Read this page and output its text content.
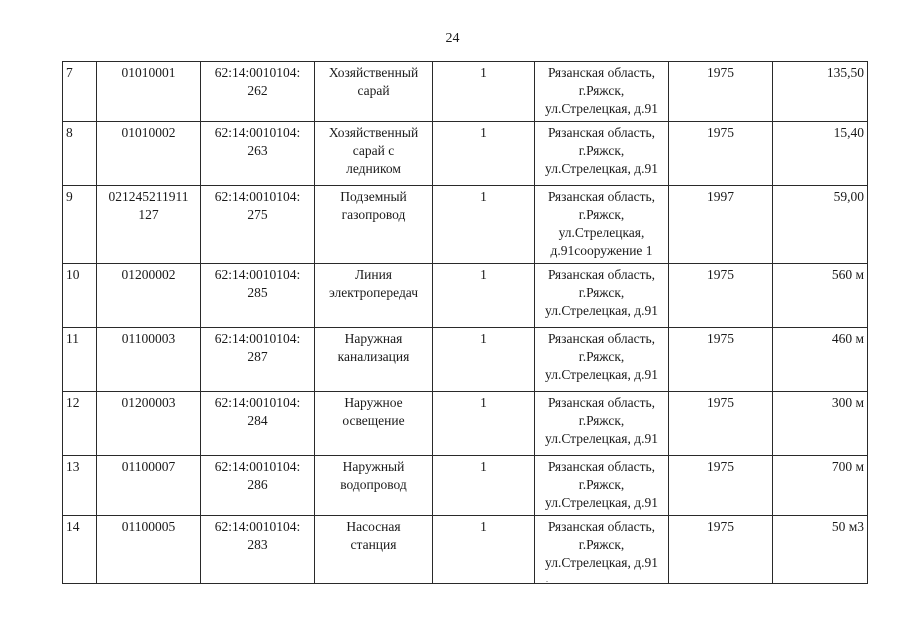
24
7	01010001	62:14:0010104:
262	Хозяйственный
сарай	1	Рязанская область,
г.Ряжск,
ул.Стрелецкая, д.91	1975	135,50
8	01010002	62:14:0010104:
263	Хозяйственный
сарай с
ледником	1	Рязанская область,
г.Ряжск,
ул.Стрелецкая, д.91	1975	15,40
9	021245211911
127	62:14:0010104:
275	Подземный
газопровод	1	Рязанская область,
г.Ряжск,
ул.Стрелецкая,
д.91сооружение 1	1997	59,00
10	01200002	62:14:0010104:
285	Линия
электропередач	1	Рязанская область,
г.Ряжск,
ул.Стрелецкая, д.91	1975	560 м
11	01100003	62:14:0010104:
287	Наружная
канализация	1	Рязанская область,
г.Ряжск,
ул.Стрелецкая, д.91	1975	460 м
12	01200003	62:14:0010104:
284	Наружное
освещение	1	Рязанская область,
г.Ряжск,
ул.Стрелецкая, д.91	1975	300 м
13	01100007	62:14:0010104:
286	Наружный
водопровод	1	Рязанская область,
г.Ряжск,
ул.Стрелецкая, д.91	1975	700 м
14	01100005	62:14:0010104:
283	Насосная
станция	1	Рязанская область,
г.Ряжск,
ул.Стрелецкая, д.91	1975	50 м3
